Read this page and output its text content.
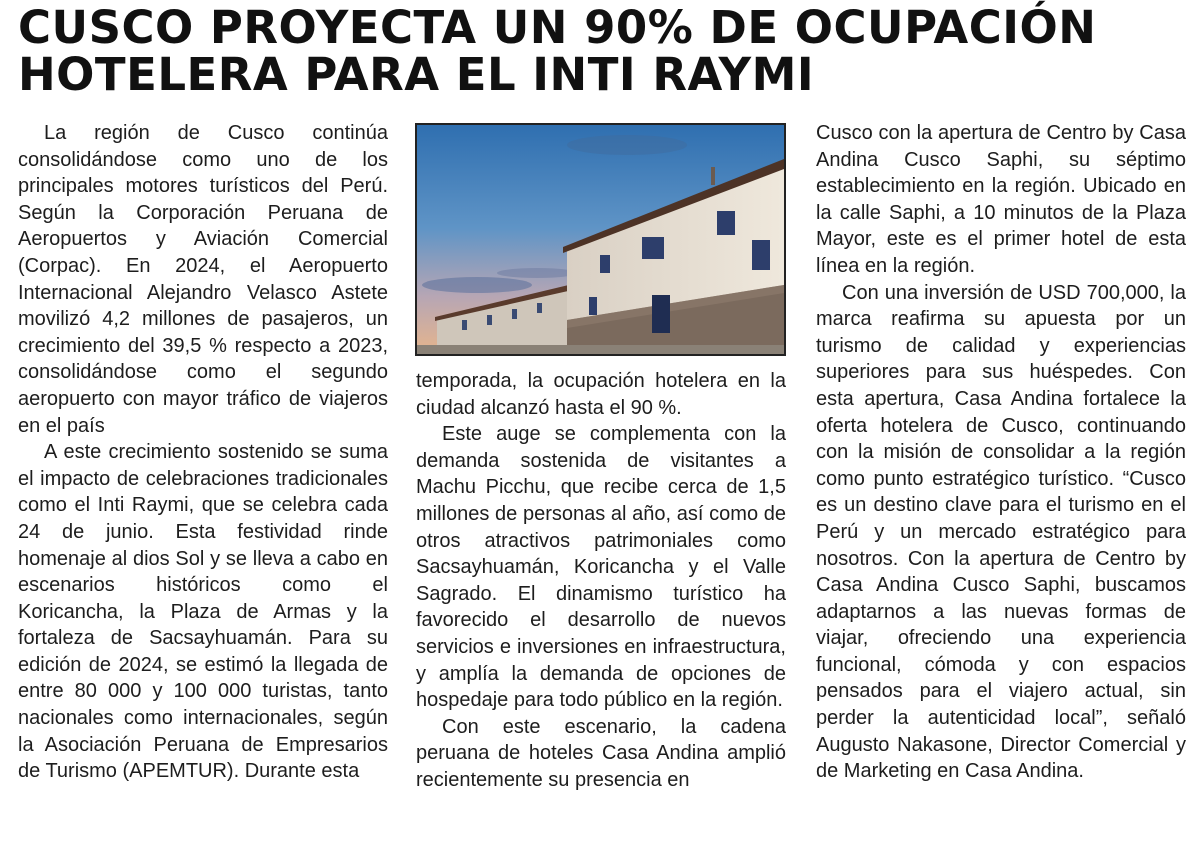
CUSCO PROYECTA UN 90% DE OCUPACIÓN
HOTELERA PARA EL INTI RAYMI

La región de Cusco continúa consolidándose como uno de los principales motores turísticos del Perú. Según la Corporación Peruana de Aeropuertos y Aviación Comercial (Corpac). En 2024, el Aeropuerto Internacional Alejandro Velasco Astete movilizó 4,2 millones de pasajeros, un crecimiento del 39,5 % respecto a 2023, consolidándose como el segundo aeropuerto con mayor tráfico de viajeros en el país

A este crecimiento sostenido se suma el impacto de celebraciones tradicionales como el Inti Raymi, que se celebra cada 24 de junio. Esta festividad rinde homenaje al dios Sol y se lleva a cabo en escenarios históricos como el Koricancha, la Plaza de Armas y la fortaleza de Sacsayhuamán. Para su edición de 2024, se estimó la llegada de entre 80 000 y 100 000 turistas, tanto nacionales como internacionales, según la Asociación Peruana de Empresarios de Turismo (APEMTUR). Durante esta

temporada, la ocupación hotelera en la ciudad alcanzó hasta el 90 %.

Este auge se complementa con la demanda sostenida de visitantes a Machu Picchu, que recibe cerca de 1,5 millones de personas al año, así como de otros atractivos patrimoniales como Sacsayhuamán, Koricancha y el Valle Sagrado. El dinamismo turístico ha favorecido el desarrollo de nuevos servicios e inversiones en infraestructura, y amplía la demanda de opciones de hospedaje para todo público en la región.

Con este escenario, la cadena peruana de hoteles Casa Andina amplió recientemente su presencia en

Cusco con la apertura de Centro by Casa Andina Cusco Saphi, su séptimo establecimiento en la región. Ubicado en la calle Saphi, a 10 minutos de la Plaza Mayor, este es el primer hotel de esta línea en la región.

Con una inversión de USD 700,000, la marca reafirma su apuesta por un turismo de calidad y experiencias superiores para sus huéspedes. Con esta apertura, Casa Andina fortalece la oferta hotelera de Cusco, continuando con la misión de consolidar a la región como punto estratégico turístico. “Cusco es un destino clave para el turismo en el Perú y un mercado estratégico para nosotros. Con la apertura de Centro by Casa Andina Cusco Saphi, buscamos adaptarnos a las nuevas formas de viajar, ofreciendo una experiencia funcional, cómoda y con espacios pensados para el viajero actual, sin perder la autenticidad local”, señaló Augusto Nakasone, Director Comercial y de Marketing en Casa Andina.
